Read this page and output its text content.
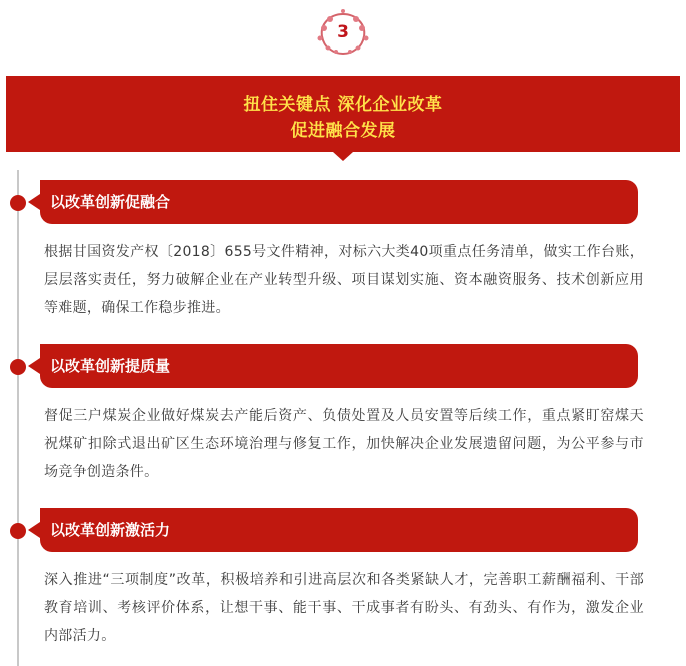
3
扭住关键点 深化企业改革
促进融合发展
以改革创新促融合
根据甘国资发产权〔2018〕655号文件精神，对标六大类40项重点任务清单，做实工作台账，层层落实责任，努力破解企业在产业转型升级、项目谋划实施、资本融资服务、技术创新应用等难题，确保工作稳步推进。
以改革创新提质量
督促三户煤炭企业做好煤炭去产能后资产、负债处置及人员安置等后续工作，重点紧盯窑煤天祝煤矿扣除式退出矿区生态环境治理与修复工作，加快解决企业发展遗留问题，为公平参与市场竞争创造条件。
以改革创新激活力
深入推进“三项制度”改革，积极培养和引进高层次和各类紧缺人才，完善职工薪酬福利、干部教育培训、考核评价体系，让想干事、能干事、干成事者有盼头、有劲头、有作为，激发企业内部活力。
